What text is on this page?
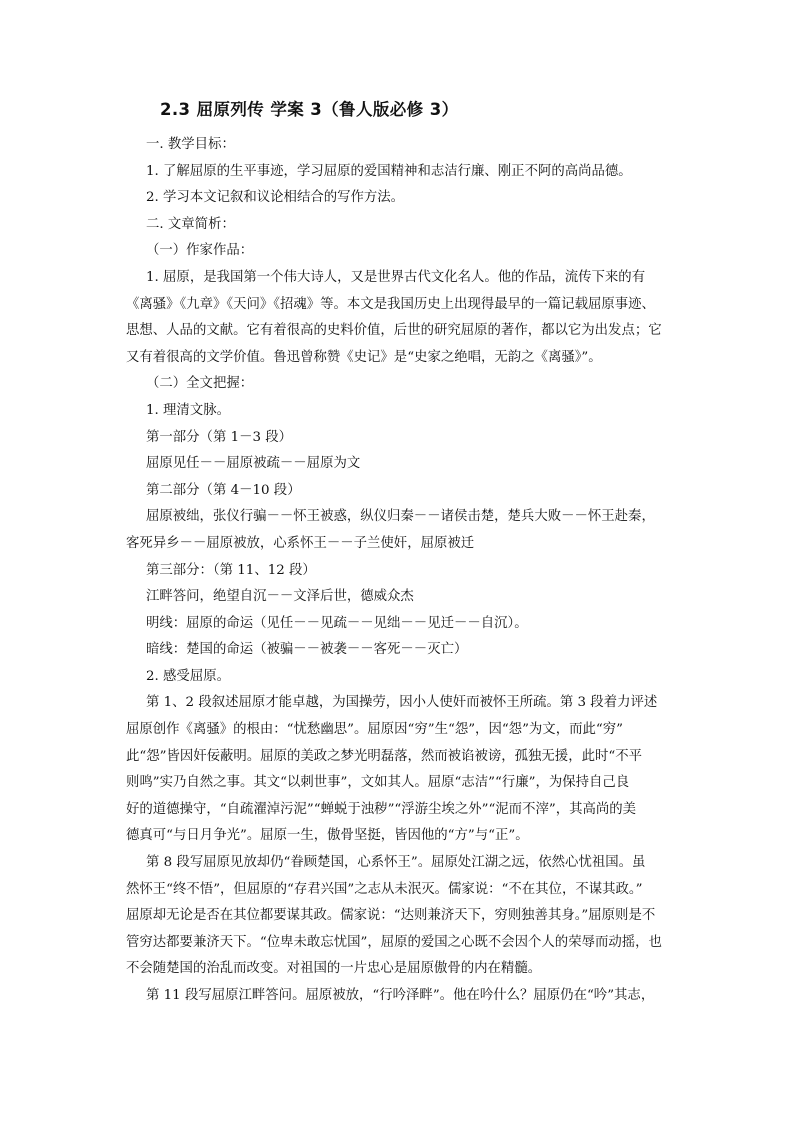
2.3 屈原列传 学案 3（鲁人版必修 3）

一. 教学目标：

1. 了解屈原的生平事迹，学习屈原的爱国精神和志洁行廉、刚正不阿的高尚品德。

2. 学习本文记叙和议论相结合的写作方法。

二. 文章简析：

（一）作家作品：

1. 屈原，是我国第一个伟大诗人，又是世界古代文化名人。他的作品，流传下来的有

《离骚》《九章》《天问》《招魂》等。本文是我国历史上出现得最早的一篇记载屈原事迹、

思想、人品的文献。它有着很高的史料价值，后世的研究屈原的著作，都以它为出发点；它

又有着很高的文学价值。鲁迅曾称赞《史记》是“史家之绝唱，无韵之《离骚》”。

（二）全文把握：

1. 理清文脉。

第一部分（第 1－3 段）

屈原见任－－屈原被疏－－屈原为文

第二部分（第 4－10 段）

屈原被绌，张仪行骗－－怀王被惑，纵仪归秦－－诸侯击楚，楚兵大败－－怀王赴秦，

客死异乡－－屈原被放，心系怀王－－子兰使奸，屈原被迁

第三部分：（第 11、12 段）

江畔答问，绝望自沉－－文泽后世，德威众杰

明线：屈原的命运（见任－－见疏－－见绌－－见迁－－自沉）。

暗线：楚国的命运（被骗－－被袭－－客死－－灭亡）

2. 感受屈原。

第 1、2 段叙述屈原才能卓越，为国操劳，因小人使奸而被怀王所疏。第 3 段着力评述

屈原创作《离骚》的根由：“忧愁幽思”。屈原因“穷”生“怨”，因“怨”为文，而此“穷”

此“怨”皆因奸佞蔽明。屈原的美政之梦光明磊落，然而被谄被谤，孤独无援，此时“不平

则鸣”实乃自然之事。其文“以刺世事”，文如其人。屈原“志洁”“行廉”，为保持自己良

好的道德操守，“自疏濯淖污泥”“蝉蜕于浊秽”“浮游尘埃之外”“泥而不滓”，其高尚的美

德真可“与日月争光”。屈原一生，傲骨坚挺，皆因他的“方”与“正”。

第 8 段写屈原见放却仍“眷顾楚国，心系怀王”。屈原处江湖之远，依然心忧祖国。虽

然怀王“终不悟”，但屈原的“存君兴国”之志从未泯灭。儒家说：“不在其位，不谋其政。”

屈原却无论是否在其位都要谋其政。儒家说：“达则兼济天下，穷则独善其身。”屈原则是不

管穷达都要兼济天下。“位卑未敢忘忧国”，屈原的爱国之心既不会因个人的荣辱而动摇，也

不会随楚国的治乱而改变。对祖国的一片忠心是屈原傲骨的内在精髓。

第 11 段写屈原江畔答问。屈原被放，“行吟泽畔”。他在吟什么？屈原仍在“吟”其志，
